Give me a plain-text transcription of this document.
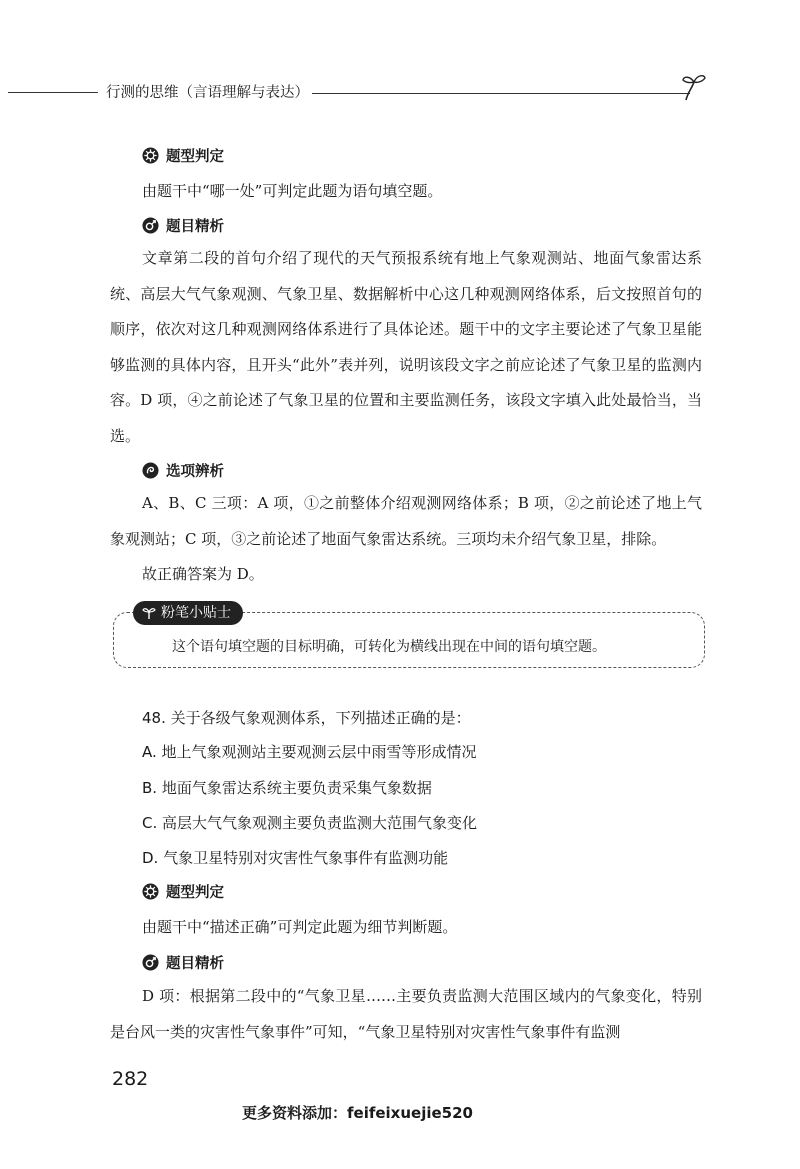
行测的思维（言语理解与表达）
题型判定
由题干中“哪一处”可判定此题为语句填空题。
题目精析
文章第二段的首句介绍了现代的天气预报系统有地上气象观测站、地面气象雷达系统、高层大气气象观测、气象卫星、数据解析中心这几种观测网络体系，后文按照首句的顺序，依次对这几种观测网络体系进行了具体论述。题干中的文字主要论述了气象卫星能够监测的具体内容，且开头“此外”表并列，说明该段文字之前应论述了气象卫星的监测内容。D 项，④之前论述了气象卫星的位置和主要监测任务，该段文字填入此处最恰当，当选。
选项辨析
A、B、C 三项：A 项，①之前整体介绍观测网络体系；B 项，②之前论述了地上气象观测站；C 项，③之前论述了地面气象雷达系统。三项均未介绍气象卫星，排除。
故正确答案为 D。
粉笔小贴士
这个语句填空题的目标明确，可转化为横线出现在中间的语句填空题。
48. 关于各级气象观测体系，下列描述正确的是：
A. 地上气象观测站主要观测云层中雨雪等形成情况
B. 地面气象雷达系统主要负责采集气象数据
C. 高层大气气象观测主要负责监测大范围气象变化
D. 气象卫星特别对灾害性气象事件有监测功能
题型判定
由题干中“描述正确”可判定此题为细节判断题。
题目精析
D 项：根据第二段中的“气象卫星……主要负责监测大范围区域内的气象变化，特别是台风一类的灾害性气象事件”可知，“气象卫星特别对灾害性气象事件有监测
282
更多资料添加：feifeixuejie520
